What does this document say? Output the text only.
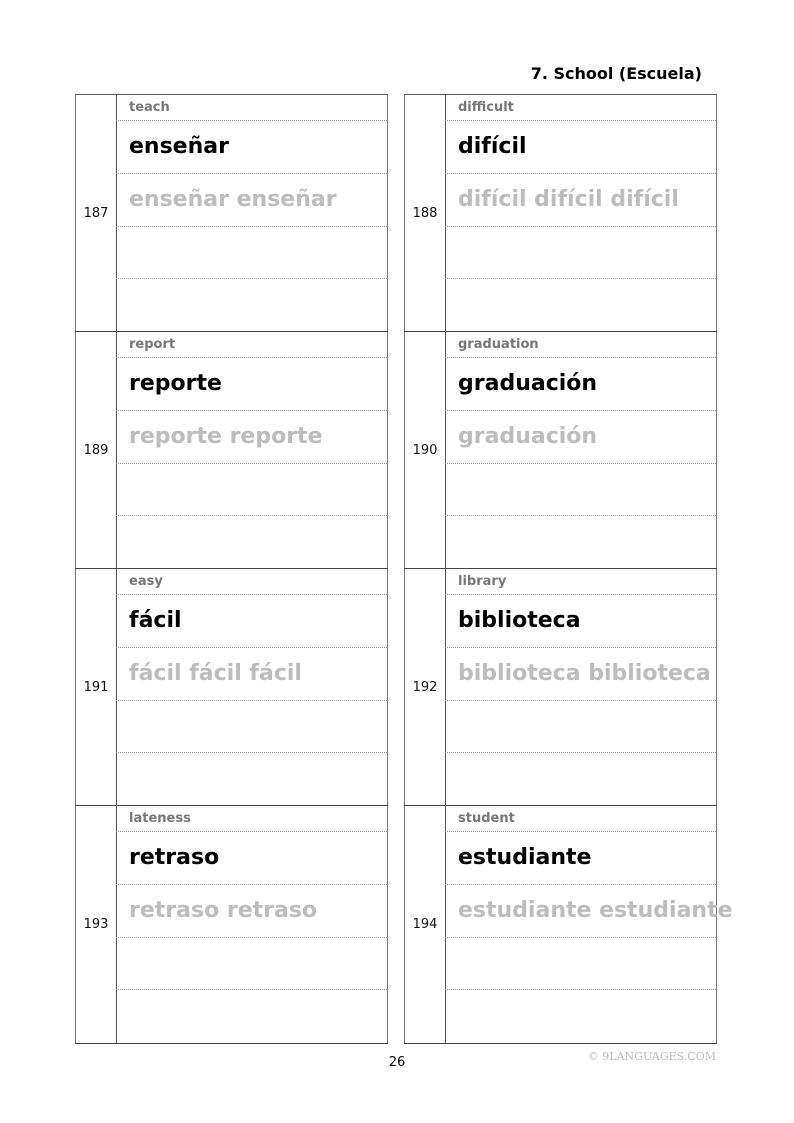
7. School (Escuela)
187
teach
enseñar
enseñar enseñar
189
report
reporte
reporte reporte
191
easy
fácil
fácil fácil fácil
193
lateness
retraso
retraso retraso
188
difficult
difícil
difícil difícil difícil
190
graduation
graduación
graduación
192
library
biblioteca
biblioteca biblioteca
194
student
estudiante
estudiante estudiante
26	© 9LANGUAGES.COM
